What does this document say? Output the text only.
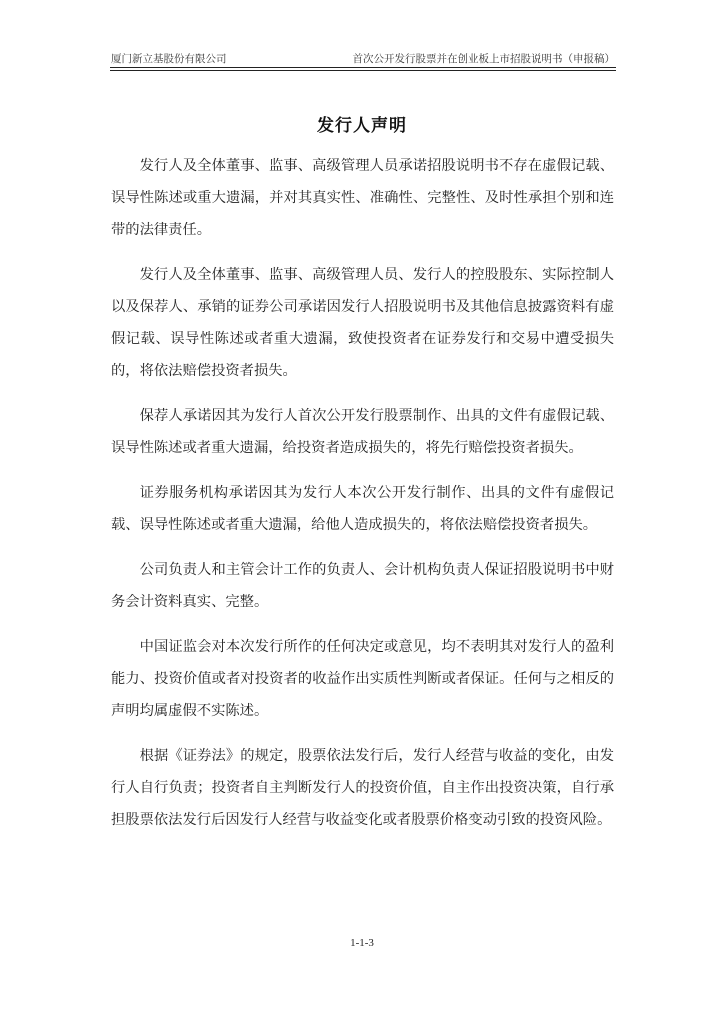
厦门新立基股份有限公司	首次公开发行股票并在创业板上市招股说明书（申报稿）
发行人声明

发行人及全体董事、监事、高级管理人员承诺招股说明书不存在虚假记载、误导性陈述或重大遗漏，并对其真实性、准确性、完整性、及时性承担个别和连带的法律责任。

发行人及全体董事、监事、高级管理人员、发行人的控股股东、实际控制人以及保荐人、承销的证券公司承诺因发行人招股说明书及其他信息披露资料有虚假记载、误导性陈述或者重大遗漏，致使投资者在证券发行和交易中遭受损失的，将依法赔偿投资者损失。

保荐人承诺因其为发行人首次公开发行股票制作、出具的文件有虚假记载、误导性陈述或者重大遗漏，给投资者造成损失的，将先行赔偿投资者损失。

证券服务机构承诺因其为发行人本次公开发行制作、出具的文件有虚假记载、误导性陈述或者重大遗漏，给他人造成损失的，将依法赔偿投资者损失。

公司负责人和主管会计工作的负责人、会计机构负责人保证招股说明书中财务会计资料真实、完整。

中国证监会对本次发行所作的任何决定或意见，均不表明其对发行人的盈利能力、投资价值或者对投资者的收益作出实质性判断或者保证。任何与之相反的声明均属虚假不实陈述。

根据《证券法》的规定，股票依法发行后，发行人经营与收益的变化，由发行人自行负责；投资者自主判断发行人的投资价值，自主作出投资决策，自行承担股票依法发行后因发行人经营与收益变化或者股票价格变动引致的投资风险。

1-1-3
